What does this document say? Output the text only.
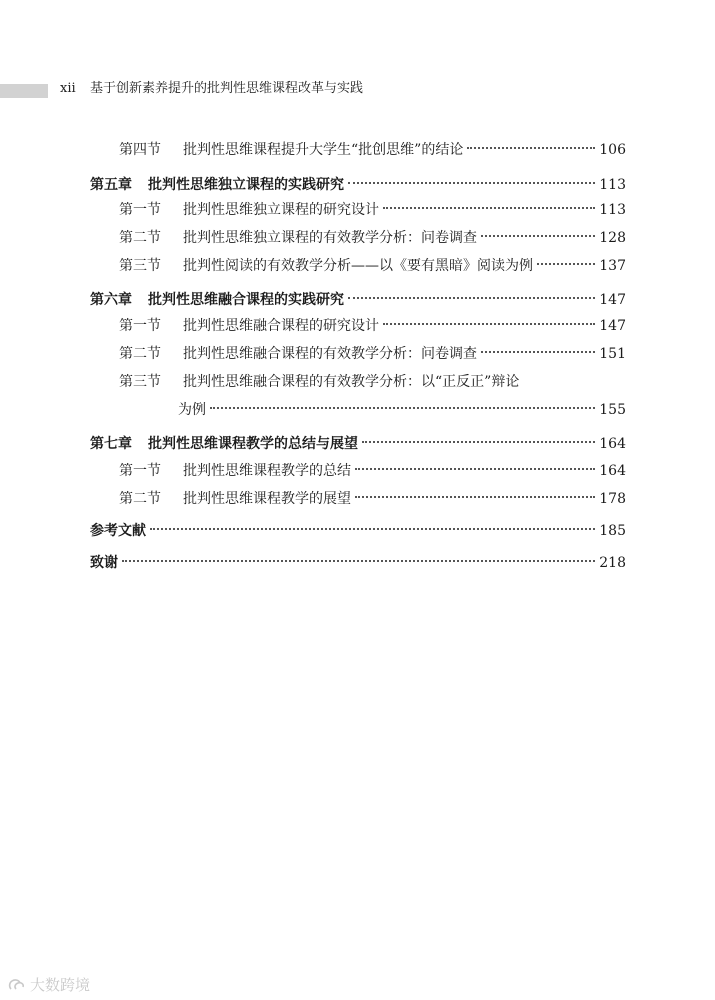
xii 基于创新素养提升的批判性思维课程改革与实践
第四节 批判性思维课程提升大学生“批创思维”的结论	106
第五章 批判性思维独立课程的实践研究	113
第一节 批判性思维独立课程的研究设计	113
第二节 批判性思维独立课程的有效教学分析：问卷调查	128
第三节 批判性阅读的有效教学分析——以《要有黑暗》阅读为例	137
第六章 批判性思维融合课程的实践研究	147
第一节 批判性思维融合课程的研究设计	147
第二节 批判性思维融合课程的有效教学分析：问卷调查	151
第三节 批判性思维融合课程的有效教学分析：以“正反正”辩论
为例	155
第七章 批判性思维课程教学的总结与展望	164
第一节 批判性思维课程教学的总结	164
第二节 批判性思维课程教学的展望	178
参考文献	185
致谢	218
大数跨境
